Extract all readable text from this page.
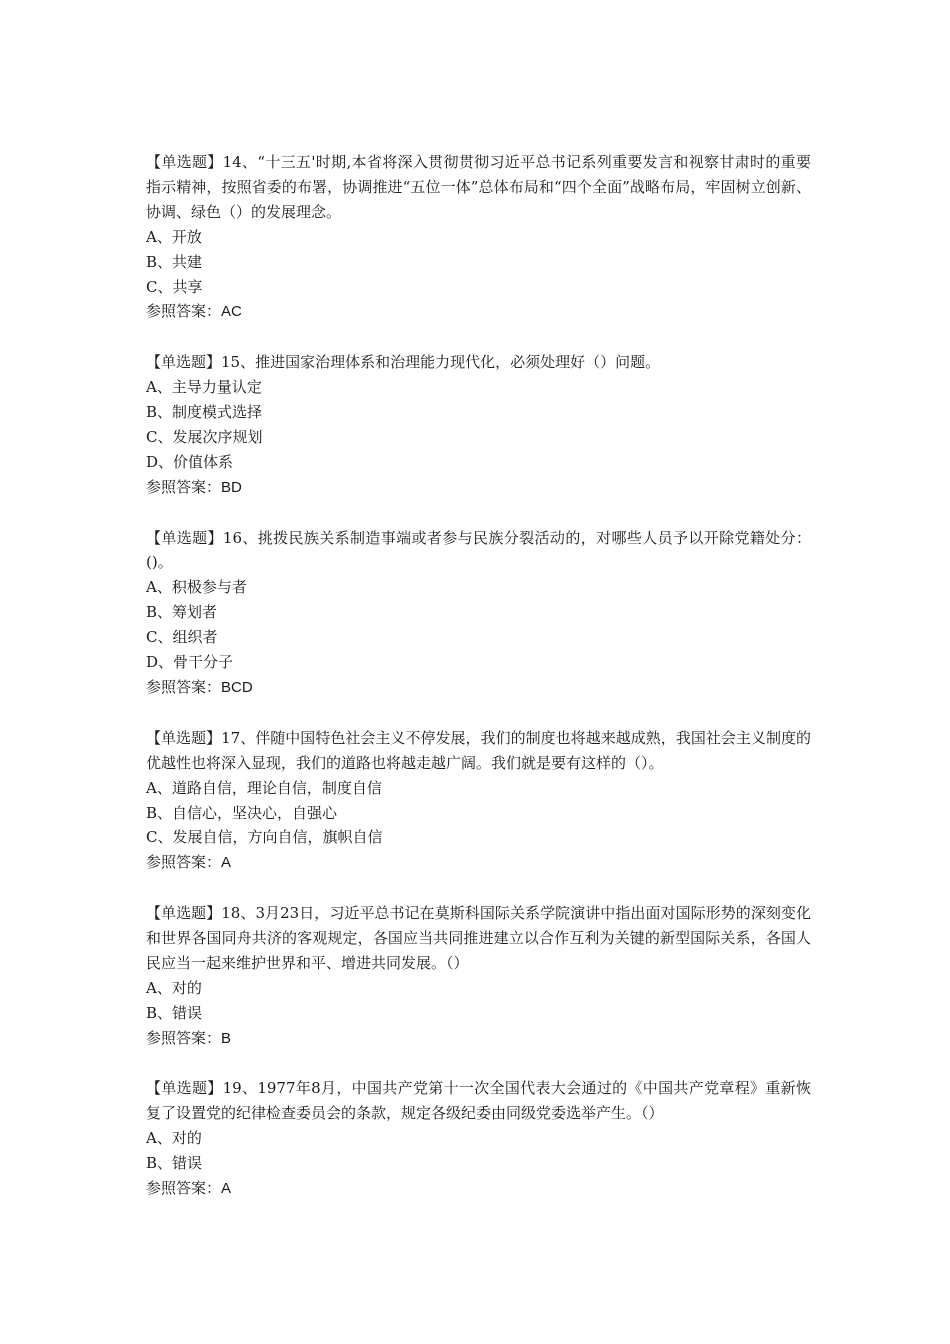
【单选题】14、“十三五'时期,本省将深入贯彻贯彻习近平总书记系列重要发言和视察甘肃时的重要指示精神，按照省委的布署，协调推进“五位一体”总体布局和“四个全面”战略布局，牢固树立创新、协调、绿色（）的发展理念。
A、开放
B、共建
C、共享
参照答案：AC
【单选题】15、推进国家治理体系和治理能力现代化，必须处理好（）问题。
A、主导力量认定
B、制度模式选择
C、发展次序规划
D、价值体系
参照答案：BD
【单选题】16、挑拨民族关系制造事端或者参与民族分裂活动的，对哪些人员予以开除党籍处分：()。
A、积极参与者
B、筹划者
C、组织者
D、骨干分子
参照答案：BCD
【单选题】17、伴随中国特色社会主义不停发展，我们的制度也将越来越成熟，我国社会主义制度的优越性也将深入显现，我们的道路也将越走越广阔。我们就是要有这样的（）。
A、道路自信，理论自信，制度自信
B、自信心，坚决心，自强心
C、发展自信，方向自信，旗帜自信
参照答案：A
【单选题】18、3月23日，习近平总书记在莫斯科国际关系学院演讲中指出面对国际形势的深刻变化和世界各国同舟共济的客观规定，各国应当共同推进建立以合作互利为关键的新型国际关系，各国人民应当一起来维护世界和平、增进共同发展。（）
A、对的
B、错误
参照答案：B
【单选题】19、1977年8月，中国共产党第十一次全国代表大会通过的《中国共产党章程》重新恢复了设置党的纪律检查委员会的条款，规定各级纪委由同级党委选举产生。（）
A、对的
B、错误
参照答案：A
